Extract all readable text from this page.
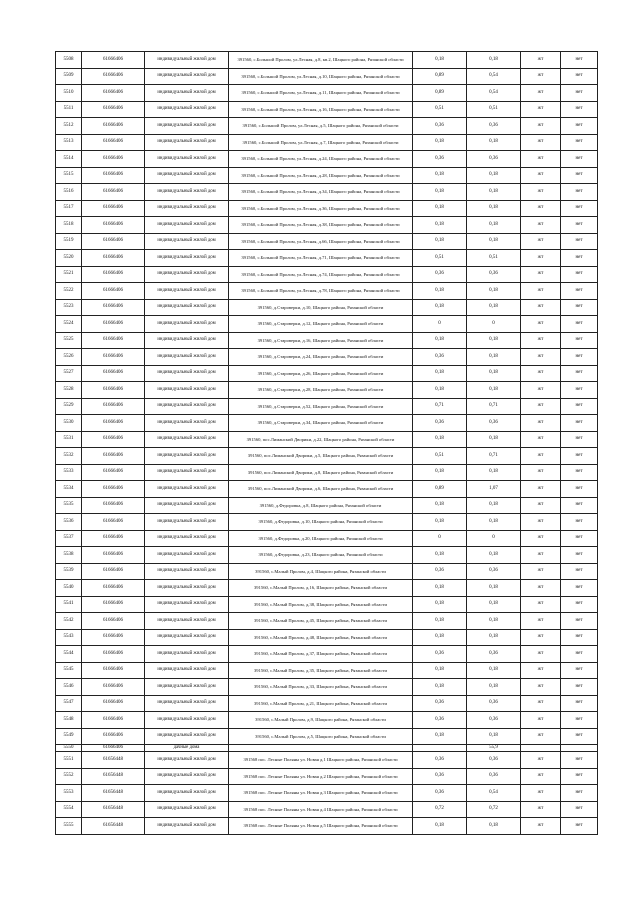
5508	61666406	индивидуальный жилой дом	391560, с.Большой Пролом, ул.Лесная, д.8, кв.2, Шацкого района, Рязанской области	0,18	0,18	жт	нет
5509	61666406	индивидуальный жилой дом	391560, с.Большой Пролом, ул.Лесная, д.10, Шацкого района, Рязанской области	0,89	0,54	жт	нет
5510	61666406	индивидуальный жилой дом	391560, с.Большой Пролом, ул.Лесная, д.11, Шацкого района, Рязанской области	0,89	0,54	жт	нет
5511	61666406	индивидуальный жилой дом	391560, с.Большой Пролом, ул.Лесная, д.16, Шацкого района, Рязанской области	0,51	0,51	жт	нет
5512	61666406	индивидуальный жилой дом	391560, с.Большой Пролом, ул.Лесная, д.5, Шацкого района, Рязанской области	0,36	0,36	жт	нет
5513	61666406	индивидуальный жилой дом	391560, с.Большой Пролом, ул.Лесная, д.7, Шацкого района, Рязанской области	0,18	0,18	жт	нет
5514	61666406	индивидуальный жилой дом	391560, с.Большой Пролом, ул.Лесная, д.24, Шацкого района, Рязанской области	0,36	0,36	жт	нет
5515	61666406	индивидуальный жилой дом	391560, с.Большой Пролом, ул.Лесная, д.28, Шацкого района, Рязанской области	0,18	0,18	жт	нет
5516	61666406	индивидуальный жилой дом	391560, с.Большой Пролом, ул.Лесная, д.34, Шацкого района, Рязанской области	0,18	0,18	жт	нет
5517	61666406	индивидуальный жилой дом	391560, с.Большой Пролом, ул.Лесная, д.36, Шацкого района, Рязанской области	0,18	0,18	жт	нет
5518	61666406	индивидуальный жилой дом	391560, с.Большой Пролом, ул.Лесная, д.38, Шацкого района, Рязанской области	0,18	0,18	жт	нет
5519	61666406	индивидуальный жилой дом	391560, с.Большой Пролом, ул.Лесная, д.66, Шацкого района, Рязанской области	0,18	0,18	жт	нет
5520	61666406	индивидуальный жилой дом	391560, с.Большой Пролом, ул.Лесная, д.71, Шацкого района, Рязанской области	0,51	0,51	жт	нет
5521	61666406	индивидуальный жилой дом	391560, с.Большой Пролом, ул.Лесная, д.74, Шацкого района, Рязанской области	0,36	0,36	жт	нет
5522	61666406	индивидуальный жилой дом	391560, с.Большой Пролом, ул.Лесная, д.78, Шацкого района, Рязанской области	0,18	0,18	жт	нет
5523	61666406	индивидуальный жилой дом	391560, д.Староверки, д.10, Шацкого района, Рязанской области	0,18	0,18	жт	нет
5524	61666406	индивидуальный жилой дом	391560, д.Староверки, д.12, Шацкого района, Рязанской области	0	0	жт	нет
5525	61666406	индивидуальный жилой дом	391560, д.Староверки, д.16, Шацкого района, Рязанской области	0,18	0,18	жт	нет
5526	61666406	индивидуальный жилой дом	391560, д.Староверки, д.24, Шацкого района, Рязанской области	0,36	0,18	жт	нет
5527	61666406	индивидуальный жилой дом	391560, д.Староверки, д.26, Шацкого района, Рязанской области	0,18	0,18	жт	нет
5528	61666406	индивидуальный жилой дом	391560, д.Староверки, д.28, Шацкого района, Рязанской области	0,18	0,18	жт	нет
5529	61666406	индивидуальный жилой дом	391560, д.Староверки, д.52, Шацкого района, Рязанской области	0,71	0,71	жт	нет
5530	61666406	индивидуальный жилой дом	391560, д.Староверки, д.34, Шацкого района, Рязанской области	0,36	0,36	жт	нет
5531	61666406	индивидуальный жилой дом	391560, пос.Лиманский Дворики, д.22, Шацкого района, Рязанской области	0,18	0,18	жт	нет
5532	61666406	индивидуальный жилой дом	391560, пос.Лиманский Дворики, д.5, Шацкого района, Рязанской области	0,51	0,71	жт	нет
5533	61666406	индивидуальный жилой дом	391560, пос.Лиманский Дворики, д.8, Шацкого района, Рязанской области	0,18	0,18	жт	нет
5534	61666406	индивидуальный жилой дом	391560, пос.Лиманский Дворики, д.6, Шацкого района, Рязанской области	0,89	1,07	жт	нет
5535	61666406	индивидуальный жилой дом	391560, д.Федоровка, д.8, Шацкого района, Рязанской области	0,18	0,18	жт	нет
5536	61666406	индивидуальный жилой дом	391560, д.Федоровка, д.10, Шацкого района, Рязанской области	0,18	0,18	жт	нет
5537	61666406	индивидуальный жилой дом	391560, д.Федоровка, д.20, Шацкого района, Рязанской области	0	0	жт	нет
5538	61666406	индивидуальный жилой дом	391560, д.Федоровка, д.23, Шацкого района, Рязанской области	0,18	0,18	жт	нет
5539	61666406	индивидуальный жилой дом	391560, с.Малый Пролом, д.4, Шацкого района, Рязанской области	0,36	0,36	жт	нет
5540	61666406	индивидуальный жилой дом	391560, с.Малый Пролом, д.16, Шацкого района, Рязанской области	0,18	0,18	жт	нет
5541	61666406	индивидуальный жилой дом	391560, с.Малый Пролом, д.38, Шацкого района, Рязанской области	0,18	0,18	жт	нет
5542	61666406	индивидуальный жилой дом	391560, с.Малый Пролом, д.45, Шацкого района, Рязанской области	0,18	0,18	жт	нет
5543	61666406	индивидуальный жилой дом	391560, с.Малый Пролом, д.48, Шацкого района, Рязанской области	0,18	0,18	жт	нет
5544	61666406	индивидуальный жилой дом	391560, с.Малый Пролом, д.37, Шацкого района, Рязанской области	0,36	0,36	жт	нет
5545	61666406	индивидуальный жилой дом	391560, с.Малый Пролом, д.35, Шацкого района, Рязанской области	0,18	0,18	жт	нет
5546	61666406	индивидуальный жилой дом	391560, с.Малый Пролом, д.33, Шацкого района, Рязанской области	0,18	0,18	жт	нет
5547	61666406	индивидуальный жилой дом	391560, с.Малый Пролом, д.21, Шацкого района, Рязанской области	0,36	0,36	жт	нет
5548	61666406	индивидуальный жилой дом	391560, с.Малый Пролом, д.9, Шацкого района, Рязанской области	0,36	0,36	жт	нет
5549	61666406	индивидуальный жилой дом	391560, с.Малый Пролом, д.5, Шацкого района, Рязанской области	0,18	0,18	жт	нет
5550	61666406	дачные дома			55,9		
5551	61656448	индивидуальный жилой дом	391568 пос. Лесные Поляны ул. Новая д.1 Шацкого района, Рязанской области	0,36	0,36	жт	нет
5552	61656448	индивидуальный жилой дом	391568 пос. Лесные Поляны ул. Новая д.2 Шацкого района, Рязанской области	0,36	0,36	жт	нет
5553	61656448	индивидуальный жилой дом	391568 пос. Лесные Поляны ул. Новая д.3 Шацкого района, Рязанской области	0,36	0,54	жт	нет
5554	61656448	индивидуальный жилой дом	391568 пос. Лесные Поляны ул. Новая д.4 Шацкого района, Рязанской области	0,72	0,72	жт	нет
5555	61656448	индивидуальный жилой дом	391568 пос. Лесные Поляны ул. Новая д.5 Шацкого района, Рязанской области	0,18	0,18	жт	нет
